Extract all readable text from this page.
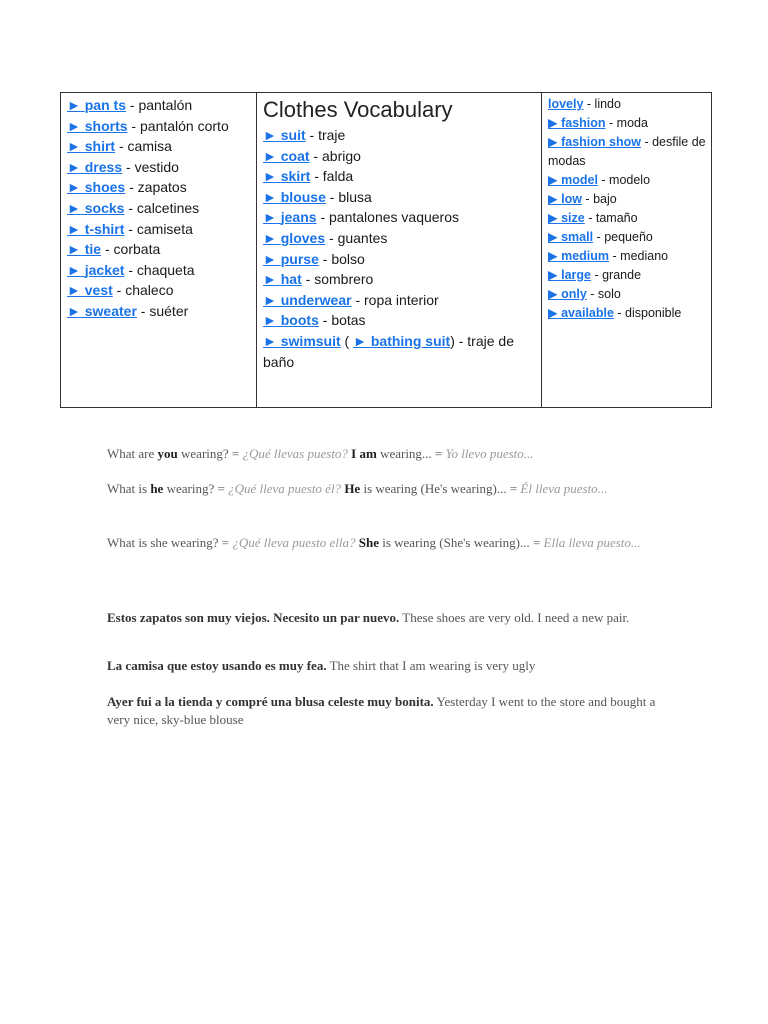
► pan ts - pantalón
► shorts - pantalón corto
► shirt - camisa
► dress - vestido
► shoes - zapatos
► socks - calcetines
► t-shirt - camiseta
► tie - corbata
► jacket - chaqueta
► vest - chaleco
► sweater - suéter

Clothes Vocabulary
► suit - traje
► coat - abrigo
► skirt - falda
► blouse - blusa
► jeans - pantalones vaqueros
► gloves - guantes
► purse - bolso
► hat - sombrero
► underwear - ropa interior
► boots - botas
► swimsuit ( ► bathing suit) - traje de baño

lovely - lindo
▶ fashion - moda
▶ fashion show - desfile de modas
▶ model - modelo
▶ low - bajo
▶ size - tamaño
▶ small - pequeño
▶ medium - mediano
▶ large - grande
▶ only - solo
▶ available - disponible
What are you wearing? = ¿Qué llevas puesto? I am wearing... = Yo llevo puesto...
What is he wearing? = ¿Qué lleva puesto él? He is wearing (He's wearing)... = Él lleva puesto...
What is she wearing? = ¿Qué lleva puesto ella? She is wearing (She's wearing)... = Ella lleva puesto...
Estos zapatos son muy viejos. Necesito un par nuevo. These shoes are very old. I need a new pair.
La camisa que estoy usando es muy fea. The shirt that I am wearing is very ugly
Ayer fui a la tienda y compré una blusa celeste muy bonita. Yesterday I went to the store and bought a very nice, sky-blue blouse
